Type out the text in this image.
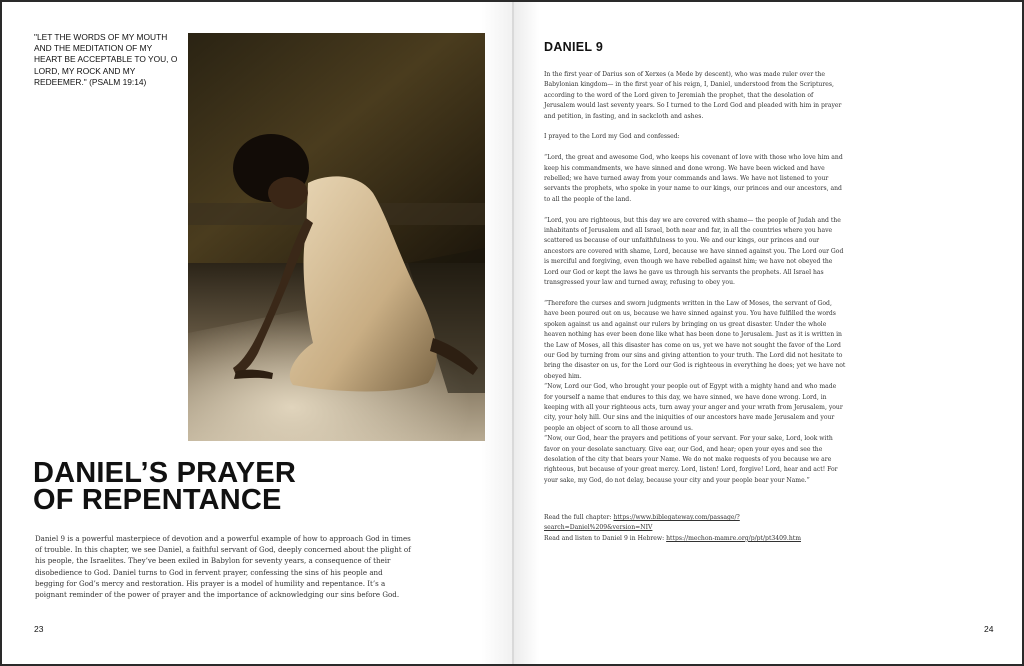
"LET THE WORDS OF MY MOUTH AND THE MEDITATION OF MY HEART BE ACCEPTABLE TO YOU, O LORD, MY ROCK AND MY REDEEMER." (PSALM 19:14)
DANIEL’S PRAYER
OF REPENTANCE

Daniel 9 is a powerful masterpiece of devotion and a powerful example of how to approach God in times of trouble. In this chapter, we see Daniel, a faithful servant of God, deeply concerned about the plight of his people, the Israelites. They’ve been exiled in Babylon for seventy years, a consequence of their disobedience to God. Daniel turns to God in fervent prayer, confessing the sins of his people and begging for God’s mercy and restoration. His prayer is a model of humility and repentance. It’s a poignant reminder of the power of prayer and the importance of acknowledging our sins before God.

23
DANIEL 9

In the first year of Darius son of Xerxes (a Mede by descent), who was made ruler over the Babylonian kingdom— in the first year of his reign, I, Daniel, understood from the Scriptures, according to the word of the Lord given to Jeremiah the prophet, that the desolation of Jerusalem would last seventy years. So I turned to the Lord God and pleaded with him in prayer and petition, in fasting, and in sackcloth and ashes.

I prayed to the Lord my God and confessed:

“Lord, the great and awesome God, who keeps his covenant of love with those who love him and keep his commandments, we have sinned and done wrong. We have been wicked and have rebelled; we have turned away from your commands and laws. We have not listened to your servants the prophets, who spoke in your name to our kings, our princes and our ancestors, and to all the people of the land.

“Lord, you are righteous, but this day we are covered with shame— the people of Judah and the inhabitants of Jerusalem and all Israel, both near and far, in all the countries where you have scattered us because of our unfaithfulness to you. We and our kings, our princes and our ancestors are covered with shame, Lord, because we have sinned against you. The Lord our God is merciful and forgiving, even though we have rebelled against him; we have not obeyed the Lord our God or kept the laws he gave us through his servants the prophets. All Israel has transgressed your law and turned away, refusing to obey you.

“Therefore the curses and sworn judgments written in the Law of Moses, the servant of God, have been poured out on us, because we have sinned against you. You have fulfilled the words spoken against us and against our rulers by bringing on us great disaster. Under the whole heaven nothing has ever been done like what has been done to Jerusalem. Just as it is written in the Law of Moses, all this disaster has come on us, yet we have not sought the favor of the Lord our God by turning from our sins and giving attention to your truth. The Lord did not hesitate to bring the disaster on us, for the Lord our God is righteous in everything he does; yet we have not obeyed him.

“Now, Lord our God, who brought your people out of Egypt with a mighty hand and who made for yourself a name that endures to this day, we have sinned, we have done wrong. Lord, in keeping with all your righteous acts, turn away your anger and your wrath from Jerusalem, your city, your holy hill. Our sins and the iniquities of our ancestors have made Jerusalem and your people an object of scorn to all those around us.

“Now, our God, hear the prayers and petitions of your servant. For your sake, Lord, look with favor on your desolate sanctuary. Give ear, our God, and hear; open your eyes and see the desolation of the city that bears your Name. We do not make requests of you because we are righteous, but because of your great mercy. Lord, listen! Lord, forgive! Lord, hear and act! For your sake, my God, do not delay, because your city and your people bear your Name.”

Read the full chapter: https://www.biblegateway.com/passage/?search=Daniel%209&version=NIV
Read and listen to Daniel 9 in Hebrew: https://mechon-mamre.org/p/pt/pt3409.htm
24
